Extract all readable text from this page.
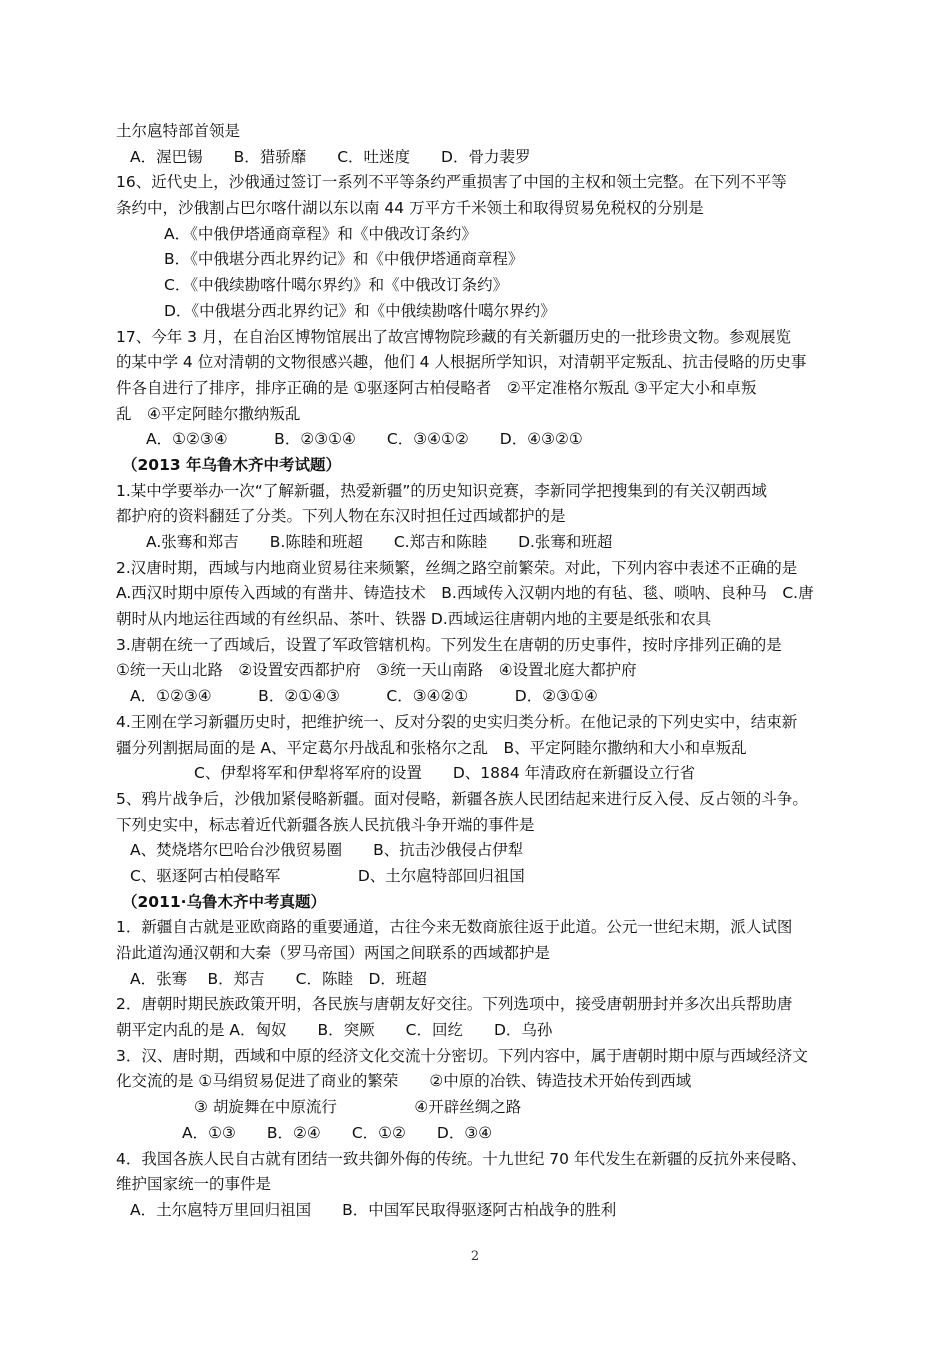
土尔扈特部首领是
A．渥巴锡　　B．猎骄靡　　C．吐迷度　　D．骨力裴罗
16、近代史上，沙俄通过签订一系列不平等条约严重损害了中国的主权和领土完整。在下列不平等
条约中，沙俄割占巴尔喀什湖以东以南 44 万平方千米领土和取得贸易免税权的分别是
A．《中俄伊塔通商章程》和《中俄改订条约》
B．《中俄堪分西北界约记》和《中俄伊塔通商章程》
C．《中俄续勘喀什噶尔界约》和《中俄改订条约》
D．《中俄堪分西北界约记》和《中俄续勘喀什噶尔界约》
17、今年 3 月，在自治区博物馆展出了故宫博物院珍藏的有关新疆历史的一批珍贵文物。参观展览
的某中学 4 位对清朝的文物很感兴趣，他们 4 人根据所学知识，对清朝平定叛乱、抗击侵略的历史事
件各自进行了排序，排序正确的是 ①驱逐阿古柏侵略者　②平定准格尔叛乱 ③平定大小和卓叛
乱　④平定阿睦尔撒纳叛乱
A．①②③④　　　B．②③①④　　C．③④①②　　D．④③②①
（2013 年乌鲁木齐中考试题）
1.某中学要举办一次“了解新疆，热爱新疆”的历史知识竞赛，李新同学把搜集到的有关汉朝西域
都护府的资料翻廷了分类。下列人物在东汉时担任过西域都护的是
A.张骞和郑吉　　B.陈睦和班超　　C.郑吉和陈睦　　D.张骞和班超
2.汉唐时期，西域与内地商业贸易往来频繁，丝绸之路空前繁荣。对此，下列内容中表述不正确的是
A.西汉时期中原传入西域的有凿井、铸造技术　B.西域传入汉朝内地的有毡、毯、唢呐、良种马　C.唐
朝时从内地运往西域的有丝织品、茶叶、铁器 D.西域运往唐朝内地的主要是纸张和农具
3.唐朝在统一了西域后，设置了军政管辖机构。下列发生在唐朝的历史事件，按时序排列正确的是
①统一天山北路　②设置安西都护府　③统一天山南路　④设置北庭大都护府
A．①②③④　　　B．②①④③　　　C．③④②①　　　D．②③①④
4.王刚在学习新疆历史时，把维护统一、反对分裂的史实归类分析。在他记录的下列史实中，结束新
疆分列割据局面的是 A、平定葛尔丹战乱和张格尔之乱　B、平定阿睦尔撒纳和大小和卓叛乱
C、伊犁将军和伊犁将军府的设置　　D、1884 年清政府在新疆设立行省
5、鸦片战争后，沙俄加紧侵略新疆。面对侵略，新疆各族人民团结起来进行反入侵、反占领的斗争。
下列史实中，标志着近代新疆各族人民抗俄斗争开端的事件是
A、焚烧塔尔巴哈台沙俄贸易圈　　B、抗击沙俄侵占伊犁
C、驱逐阿古柏侵略军　　　　　D、土尔扈特部回归祖国
（2011·乌鲁木齐中考真题）
1．新疆自古就是亚欧商路的重要通道，古往今来无数商旅往返于此道。公元一世纪末期，派人试图
沿此道沟通汉朝和大秦（罗马帝国）两国之间联系的西域都护是
A．张骞　 B．郑吉　　C．陈睦　D．班超
2．唐朝时期民族政策开明，各民族与唐朝友好交往。下列选项中，接受唐朝册封并多次出兵帮助唐
朝平定内乱的是 A．匈奴　　B．突厥　　C．回纥　　D．乌孙
3．汉、唐时期，西域和中原的经济文化交流十分密切。下列内容中，属于唐朝时期中原与西域经济文
化交流的是 ①马绢贸易促进了商业的繁荣　　②中原的冶铁、铸造技术开始传到西域
③ 胡旋舞在中原流行　　　　　④开辟丝绸之路
A．①③　　B．②④　　C．①②　　D．③④
4．我国各族人民自古就有团结一致共御外侮的传统。十九世纪 70 年代发生在新疆的反抗外来侵略、
维护国家统一的事件是
A．土尔扈特万里回归祖国　　B．中国军民取得驱逐阿古柏战争的胜利
2
